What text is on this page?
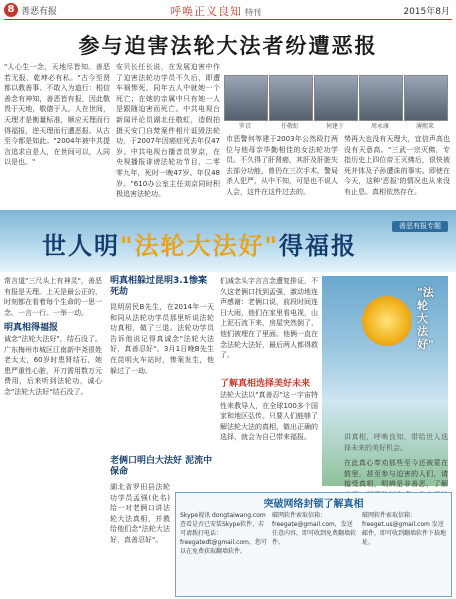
8 善恶有报	呼唤正义良知 特刊	2015年8月
参与迫害法轮大法者纷遭恶报
"人心生一念，天地尽皆知。善恶若无报，乾坤必有私。"古今至贤都以教善事、不敢入为道行：相信善念有神知，善恶皆有报，因此敬畏于天地，敬德于人。人在世间，天理才是衡量标准，顺应天理而行得福报，逆天理而行遭恶报。从古至今都是如此。"2004年被中共提言追求自是人，在世间可以，人同以是也。"
安贝长任长说，在发展迫害中作了迫害法轮功学员不久后，即遭车祸惨死，同年五人中就她一个死亡；在她的亲属中只有她一人是跟随迫害而死亡。中共电视台新闻评论员湖北任敬虹，造假拍摄天安门自焚案件相片诋毁法轮功，于2007年因癌症死去年仅47岁。中共电视台播音员罗京，在央视播报诽谤法轮功节目，二零零九年，死时一晚47岁。年仅48岁。"610办公室主任刘京同时积极追害法轮功。
罗京	任敬虹	何建于	周永康	薄熙来
市恶警何等建于2003年公然殴打两位与他母亲毕勤相佳的女法轮功学员。不久得了肝肾癌，其肝及肝脏失去部分功能，曾仍在三次手术。警局杀人犯严，从中不知，可是也不说人人会，这件在这件过去的。
势再大也没有天理大，宜信声高也没有天意高。"三武一宗灭佛，专指历史上四位帝王灭佛后，很快被死并体及子孙遭诛的事实。即使在今天，这种'恶报'的情况也从来没有止息。真相依然存在。
善恶有报专题
世人明"法轮大法好"得福报
常言道"三尺头上有神灵"，善恶有报是天理。上天是最公正的，时刻都在看着每个生命的一思一念、一言一行。一举一动。
明真相得福报
诚念"法轮大法好"，结石没了。广东梅州市城区江南新中尧很姓老太太，60岁时患肾结石，她患严重性心脏，开刀需用数万元费用，后来听到法轮功，诚心念"法轮大法好"结石没了。
明真相躲过昆明3.1惨案死劫
昆明居民B先生，在2014年一天和同从法轮功学员那里听说法轮功真相，做了三退。法轮功学员告诉他说记得真诚念"法轮大法好，真善忍好"。3月1日晚B先生在昆明火车站时，惨案发生，他躲过了一劫。
老俩口明白大法好 泥流中保命
湖北省罗田县法轮功学员孟强(化名)给一对老俩口讲法轮大法真相，并教给他们念"法轮大法好，真善忍好"。
们减念头字言言念遭复排证，不久这老俩口找到孟强，激动地连声感谢：老俩口说，前段时间连日大雨，他们在家里看电视，山上泥石流下来，房屋突然倒了，他们被埋在了里面。他俩一直在念法轮大法好，最后两人都得救了。
了解真相选择美好未来
法轮大法以"真善忍"这一宇宙特性来教导人，在全球100多个国家和地区弘传。只要人们能够了解法轮大法的真相，做出正确的选择，就会为自己带来福报。
"法轮大法好"
讲真相，呼唤良知，带给世人选择未来的美好机会。
在此真心奉劝那些至今还被蒙在鼓里，甚至参与迫害的人们，请接受真相，明辨是非善恶，了解
突破网络封锁了解真相
Skype视讯 dongtaiwang.com 查看是否已安装Skype软件，若可请拨打电话：freegatedt@gmail.com，您可以在免费获取翻墙软件。
破网软件索取信箱：freegate@gmail.com，发送任意内容，即可收到免费翻墙软件。
破网软件索取信箱：freeget.us@gmail.com 发送邮件，即可收到翻墙软件下载地址。
